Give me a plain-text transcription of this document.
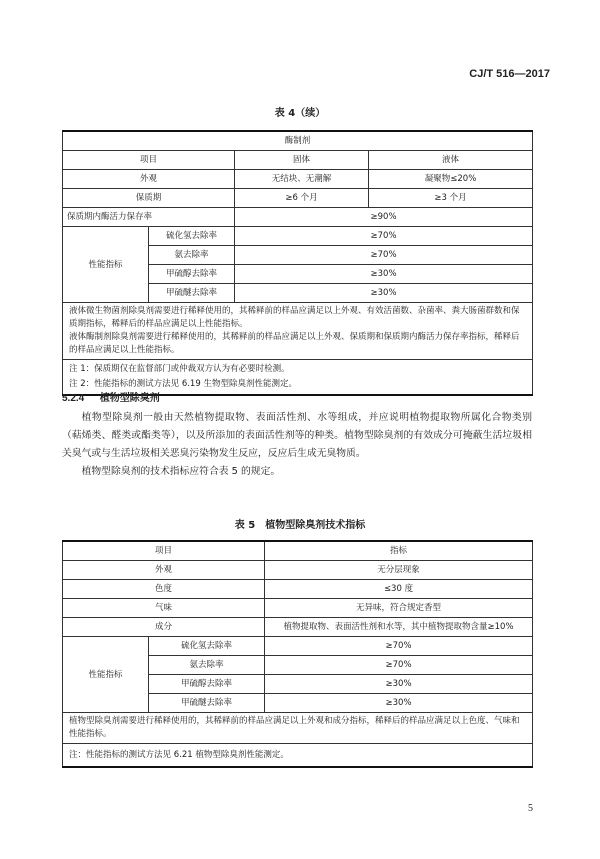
CJ/T 516—2017
表 4（续）
酶制剂			
项目		固体	液体
外观		无结块、无潮解	凝聚物≤20%
保质期		≥6 个月	≥3 个月
保质期内酶活力保存率		≥90%	
性能指标	硫化氢去除率	≥70%	
	氨去除率	≥70%	
	甲硫醇去除率	≥30%	
	甲硫醚去除率	≥30%	

液体微生物菌剂除臭剂需要进行稀释使用的，其稀释前的样品应满足以上外观、有效活菌数、杂菌率、粪大肠菌群数和保质期指标，稀释后的样品应满足以上性能指标。
液体酶制剂除臭剂需要进行稀释使用的，其稀释前的样品应满足以上外观、保质期和保质期内酶活力保存率指标，稀释后的样品应满足以上性能指标。			

注 1：保质期仅在监督部门或仲裁双方认为有必要时检测。
注 2：性能指标的测试方法见 6.19 生物型除臭剂性能测定。			
5.2.4 植物型除臭剂

植物型除臭剂一般由天然植物提取物、表面活性剂、水等组成，并应说明植物提取物所属化合物类别（萜烯类、醛类或酯类等），以及所添加的表面活性剂等的种类。植物型除臭剂的有效成分可掩蔽生活垃圾相关臭气或与生活垃圾相关恶臭污染物发生反应，反应后生成无臭物质。

植物型除臭剂的技术指标应符合表 5 的规定。

表 5　植物型除臭剂技术指标
项目		指标
外观		无分层现象
色度		≤30 度
气味		无异味，符合规定香型
成分		植物提取物、表面活性剂和水等，其中植物提取物含量≥10%
性能指标	硫化氢去除率	≥70%
	氨去除率	≥70%
	甲硫醇去除率	≥30%
	甲硫醚去除率	≥30%
植物型除臭剂需要进行稀释使用的，其稀释前的样品应满足以上外观和成分指标，稀释后的样品应满足以上色度、气味和性能指标。		
注：性能指标的测试方法见 6.21 植物型除臭剂性能测定。		
5
